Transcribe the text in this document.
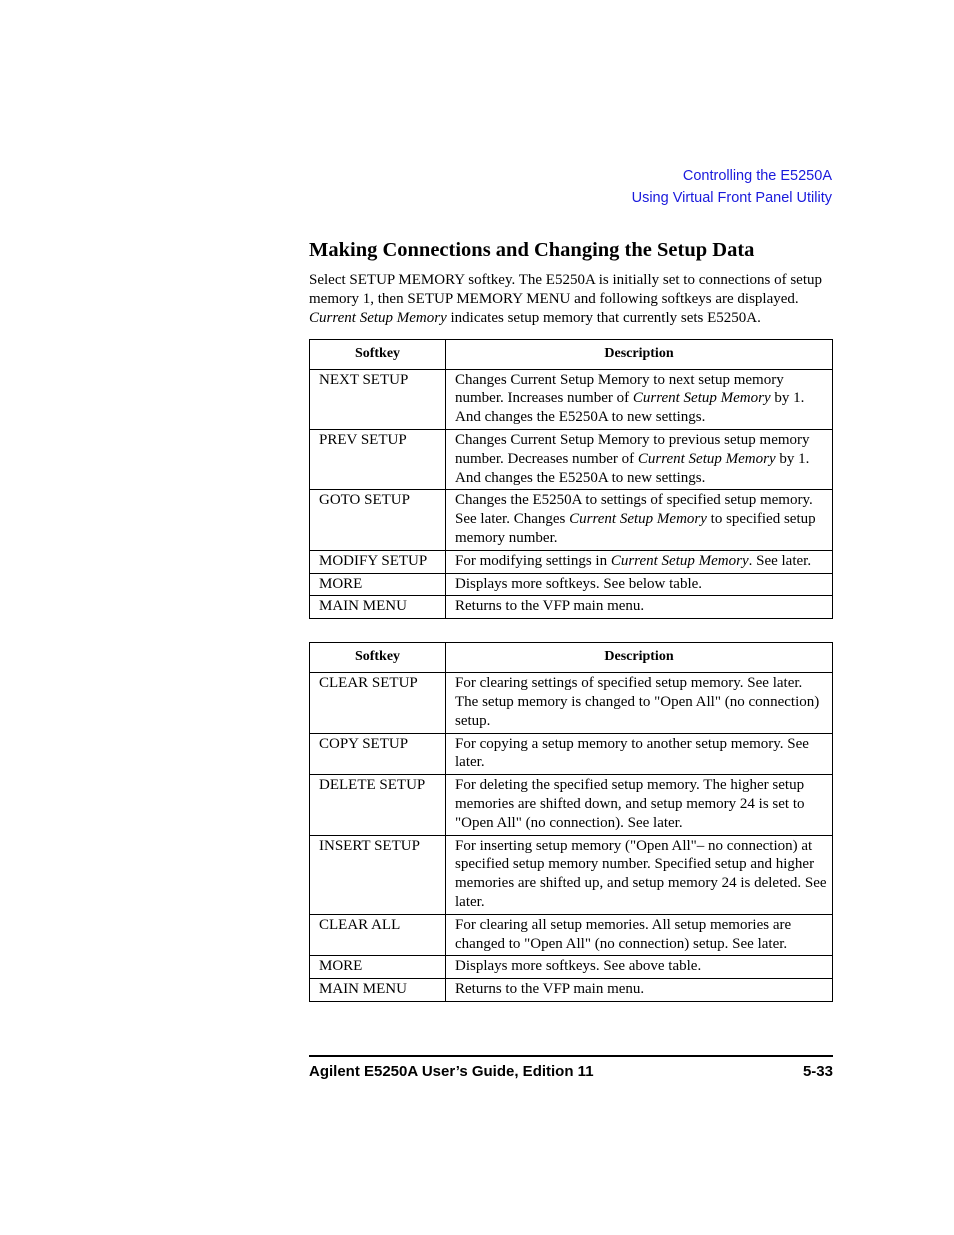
Controlling the E5250A
Using Virtual Front Panel Utility
Making Connections and Changing the Setup Data

Select SETUP MEMORY softkey. The E5250A is initially set to connections of setup memory 1, then SETUP MEMORY MENU and following softkeys are displayed. Current Setup Memory indicates setup memory that currently sets E5250A.

Softkey	Description
NEXT SETUP	Changes Current Setup Memory to next setup memory number. Increases number of Current Setup Memory by 1. And changes the E5250A to new settings.
PREV SETUP	Changes Current Setup Memory to previous setup memory number. Decreases number of Current Setup Memory by 1. And changes the E5250A to new settings.
GOTO SETUP	Changes the E5250A to settings of specified setup memory. See later. Changes Current Setup Memory to specified setup memory number.
MODIFY SETUP	For modifying settings in Current Setup Memory. See later.
MORE	Displays more softkeys. See below table.
MAIN MENU	Returns to the VFP main menu.
Softkey	Description
CLEAR SETUP	For clearing settings of specified setup memory. See later. The setup memory is changed to "Open All" (no connection) setup.
COPY SETUP	For copying a setup memory to another setup memory. See later.
DELETE SETUP	For deleting the specified setup memory. The higher setup memories are shifted down, and setup memory 24 is set to "Open All" (no connection). See later.
INSERT SETUP	For inserting setup memory ("Open All"– no connection) at specified setup memory number. Specified setup and higher memories are shifted up, and setup memory 24 is deleted. See later.
CLEAR ALL	For clearing all setup memories. All setup memories are changed to "Open All" (no connection) setup. See later.
MORE	Displays more softkeys. See above table.
MAIN MENU	Returns to the VFP main menu.
Agilent E5250A User’s Guide, Edition 11	5-33
